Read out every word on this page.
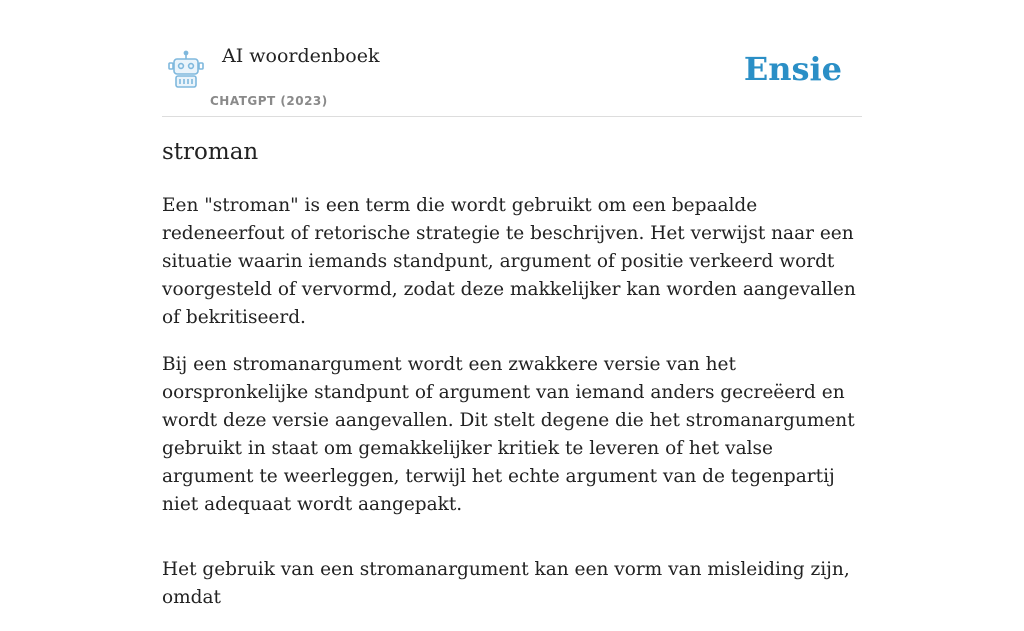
AI woordenboek
CHATGPT (2023)
Ensie
stroman

Een "stroman" is een term die wordt gebruikt om een bepaalde redeneerfout of retorische strategie te beschrijven. Het verwijst naar een situatie waarin iemands standpunt, argument of positie verkeerd wordt voorgesteld of vervormd, zodat deze makkelijker kan worden aangevallen of bekritiseerd.

Bij een stromanargument wordt een zwakkere versie van het oorspronkelijke standpunt of argument van iemand anders gecreëerd en wordt deze versie aangevallen. Dit stelt degene die het stromanargument gebruikt in staat om gemakkelijker kritiek te leveren of het valse argument te weerleggen, terwijl het echte argument van de tegenpartij niet adequaat wordt aangepakt.

Het gebruik van een stromanargument kan een vorm van misleiding zijn, omdat
